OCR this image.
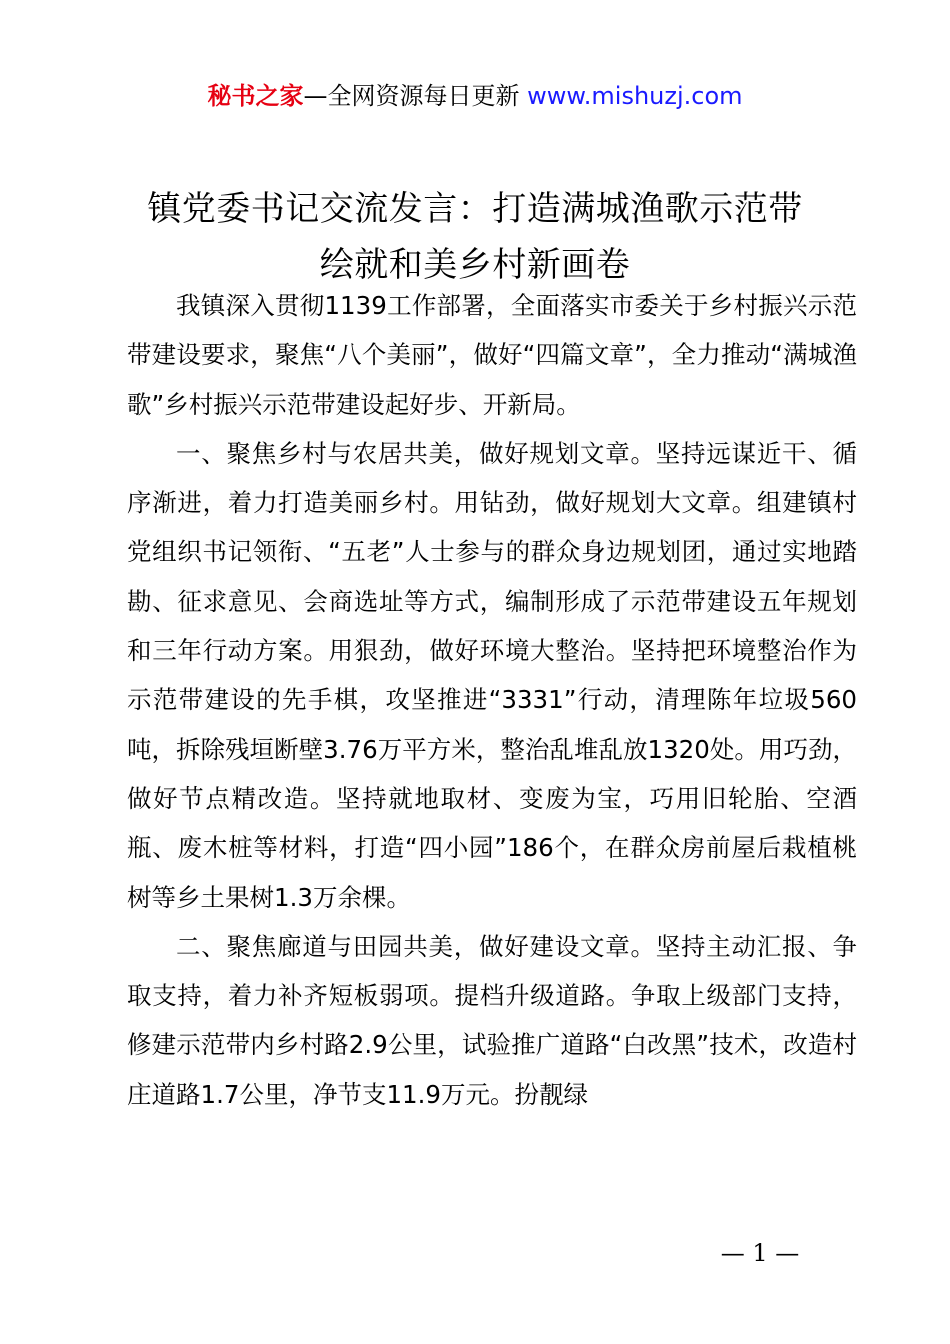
秘书之家—全网资源每日更新 www.mishuzj.com
镇党委书记交流发言：打造满城渔歌示范带
绘就和美乡村新画卷

我镇深入贯彻1139工作部署，全面落实市委关于乡村振兴示范带建设要求，聚焦“八个美丽”，做好“四篇文章”，全力推动“满城渔歌”乡村振兴示范带建设起好步、开新局。

一、聚焦乡村与农居共美，做好规划文章。坚持远谋近干、循序渐进，着力打造美丽乡村。用钻劲，做好规划大文章。组建镇村党组织书记领衔、“五老”人士参与的群众身边规划团，通过实地踏勘、征求意见、会商选址等方式，编制形成了示范带建设五年规划和三年行动方案。用狠劲，做好环境大整治。坚持把环境整治作为示范带建设的先手棋，攻坚推进“3331”行动，清理陈年垃圾560吨，拆除残垣断壁3.76万平方米，整治乱堆乱放1320处。用巧劲，做好节点精改造。坚持就地取材、变废为宝，巧用旧轮胎、空酒瓶、废木桩等材料，打造“四小园”186个，在群众房前屋后栽植桃树等乡土果树1.3万余棵。

二、聚焦廊道与田园共美，做好建设文章。坚持主动汇报、争取支持，着力补齐短板弱项。提档升级道路。争取上级部门支持，修建示范带内乡村路2.9公里，试验推广道路“白改黑”技术，改造村庄道路1.7公里，净节支11.9万元。扮靓绿

— 1 —
